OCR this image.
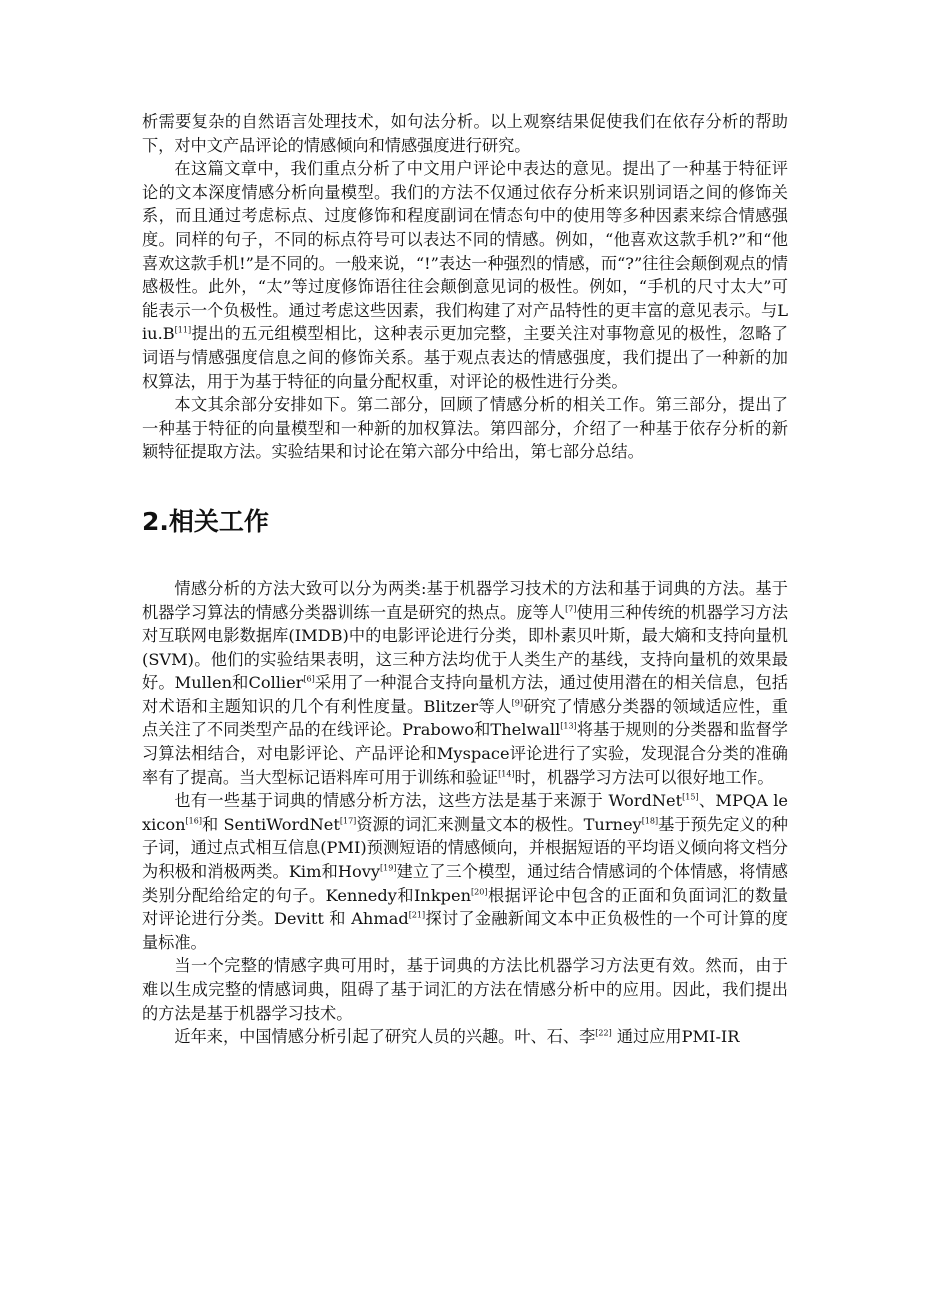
析需要复杂的自然语言处理技术，如句法分析。以上观察结果促使我们在依存分析的帮助下，对中文产品评论的情感倾向和情感强度进行研究。

在这篇文章中，我们重点分析了中文用户评论中表达的意见。提出了一种基于特征评论的文本深度情感分析向量模型。我们的方法不仅通过依存分析来识别词语之间的修饰关系，而且通过考虑标点、过度修饰和程度副词在情态句中的使用等多种因素来综合情感强度。同样的句子，不同的标点符号可以表达不同的情感。例如，“他喜欢这款手机?”和“他喜欢这款手机!”是不同的。一般来说，“!”表达一种强烈的情感，而“?”往往会颠倒观点的情感极性。此外，“太”等过度修饰语往往会颠倒意见词的极性。例如，“手机的尺寸太大”可能表示一个负极性。通过考虑这些因素，我们构建了对产品特性的更丰富的意见表示。与Liu.B[11]提出的五元组模型相比，这种表示更加完整，主要关注对事物意见的极性，忽略了词语与情感强度信息之间的修饰关系。基于观点表达的情感强度，我们提出了一种新的加权算法，用于为基于特征的向量分配权重，对评论的极性进行分类。

本文其余部分安排如下。第二部分，回顾了情感分析的相关工作。第三部分，提出了一种基于特征的向量模型和一种新的加权算法。第四部分，介绍了一种基于依存分析的新颖特征提取方法。实验结果和讨论在第六部分中给出，第七部分总结。

2.相关工作

情感分析的方法大致可以分为两类:基于机器学习技术的方法和基于词典的方法。基于机器学习算法的情感分类器训练一直是研究的热点。庞等人[7]使用三种传统的机器学习方法对互联网电影数据库(IMDB)中的电影评论进行分类，即朴素贝叶斯，最大熵和支持向量机(SVM)。他们的实验结果表明，这三种方法均优于人类生产的基线，支持向量机的效果最好。Mullen和Collier[6]采用了一种混合支持向量机方法，通过使用潜在的相关信息，包括对术语和主题知识的几个有利性度量。Blitzer等人[9]研究了情感分类器的领域适应性，重点关注了不同类型产品的在线评论。Prabowo和Thelwall[13]将基于规则的分类器和监督学习算法相结合，对电影评论、产品评论和Myspace评论进行了实验，发现混合分类的准确率有了提高。当大型标记语料库可用于训练和验证[14]时，机器学习方法可以很好地工作。

也有一些基于词典的情感分析方法，这些方法是基于来源于 WordNet[15]、MPQA lexicon[16]和 SentiWordNet[17]资源的词汇来测量文本的极性。Turney[18]基于预先定义的种子词，通过点式相互信息(PMI)预测短语的情感倾向，并根据短语的平均语义倾向将文档分为积极和消极两类。Kim和Hovy[19]建立了三个模型，通过结合情感词的个体情感，将情感类别分配给给定的句子。Kennedy和Inkpen[20]根据评论中包含的正面和负面词汇的数量对评论进行分类。Devitt 和 Ahmad[21]探讨了金融新闻文本中正负极性的一个可计算的度量标准。

当一个完整的情感字典可用时，基于词典的方法比机器学习方法更有效。然而，由于难以生成完整的情感词典，阻碍了基于词汇的方法在情感分析中的应用。因此，我们提出的方法是基于机器学习技术。

近年来，中国情感分析引起了研究人员的兴趣。叶、石、李[22] 通过应用PMI-IR
